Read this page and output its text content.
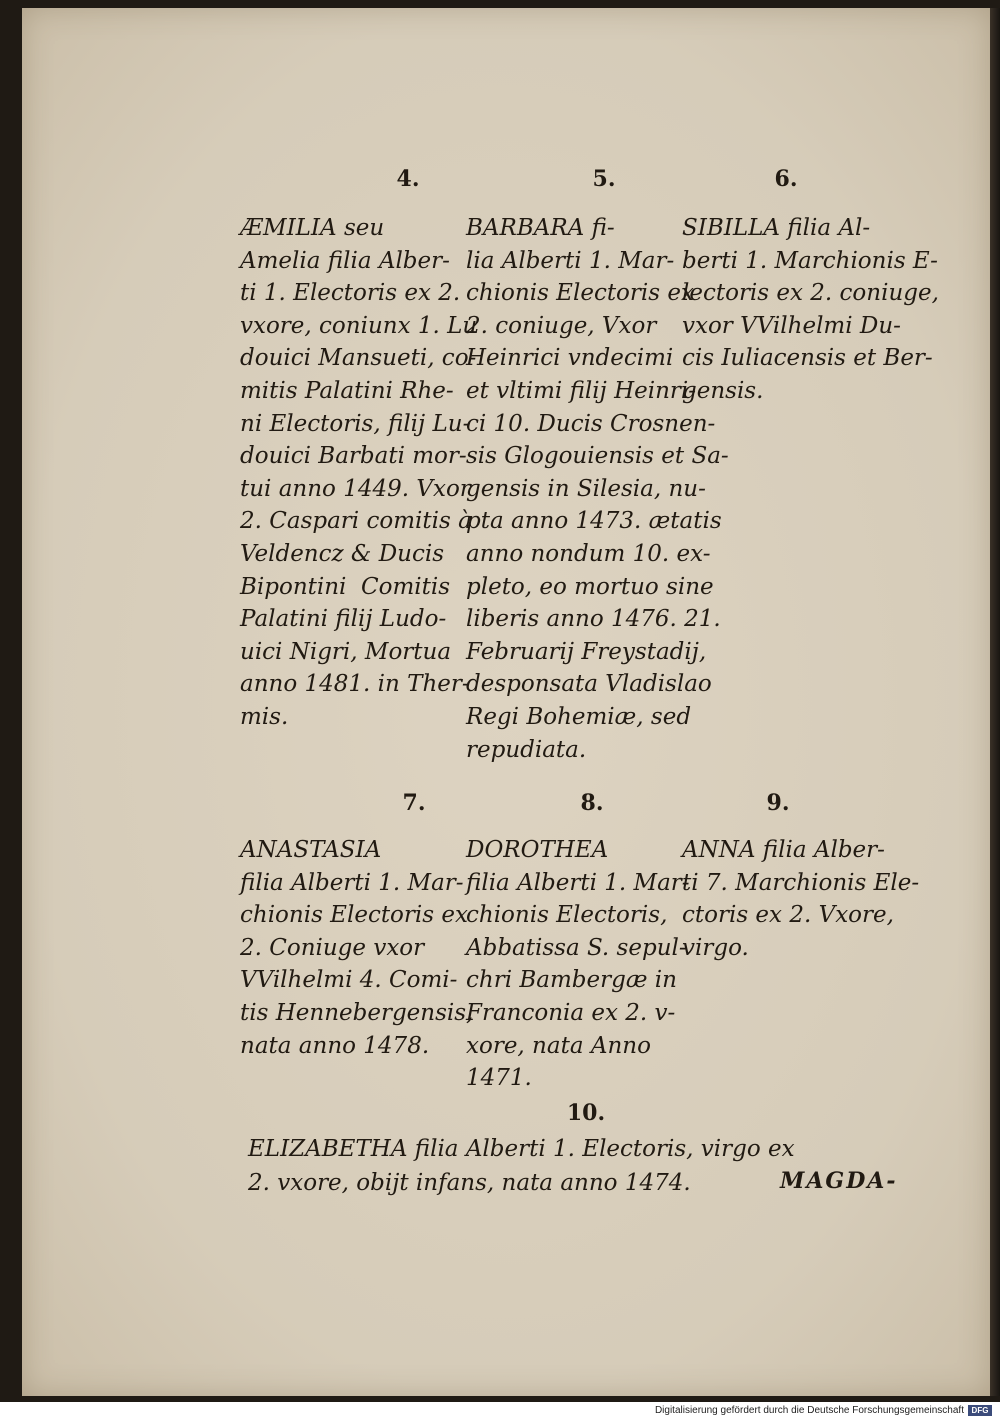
4.	5.	6.
ÆMILIA seu
Amelia filia Alber-
ti 1. Electoris ex 2.
vxore, coniunx 1. Lu
douici Mansueti, co-
mitis Palatini Rhe-
ni Electoris, filij Lu-
douici Barbati mor-
tui anno 1449. Vxor
2. Caspari comitis à
Veldencz & Ducis
Bipontini  Comitis
Palatini filij Ludo-
uici Nigri, Mortua
anno 1481. in Ther-
mis.
BARBARA fi-
lia Alberti 1. Mar-
chionis Electoris ex
2. coniuge, Vxor
Heinrici vndecimi
et vltimi filij Heinri-
ci 10. Ducis Crosnen-
sis Glogouiensis et Sa-
gensis in Silesia, nu-
pta anno 1473. ætatis
anno nondum 10. ex-
pleto, eo mortuo sine
liberis anno 1476. 21.
Februarij Freystadij,
desponsata Vladislao
Regi Bohemiæ, sed
repudiata.
SIBILLA filia Al-
berti 1. Marchionis E-
lectoris ex 2. coniuge,
vxor VVilhelmi Du-
cis Iuliacensis et Ber-
gensis.
7.	8.	9.
ANASTASIA
filia Alberti 1. Mar-
chionis Electoris ex
2. Coniuge vxor
VVilhelmi 4. Comi-
tis Hennebergensis,
nata anno 1478.
DOROTHEA
filia Alberti 1. Mar-
chionis Electoris,
Abbatissa S. sepul-
chri Bambergæ in
Franconia ex 2. v-
xore, nata Anno
1471.
ANNA filia Alber-
ti 7. Marchionis Ele-
ctoris ex 2. Vxore,
virgo.
10.
ELIZABETHA filia Alberti 1. Electoris, virgo ex
2. vxore, obijt infans, nata anno 1474.	MAGDA-
Digitalisierung gefördert durch die Deutsche Forschungsgemeinschaft DFG
